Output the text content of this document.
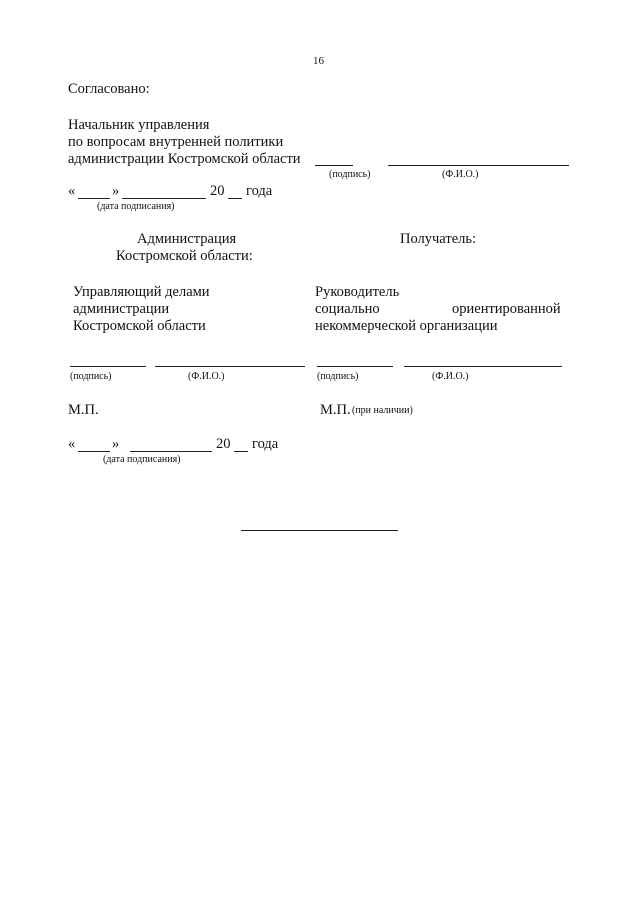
16
Согласовано:
Начальник управления
по вопросам внутренней политики
администрации Костромской области
(подпись)	(Ф.И.О.)
«	»	20 года
(дата подписания)
Администрация
Костромской области:
Получатель:
Управляющий делами
администрации
Костромской области
Руководитель
социально	ориентированной
некоммерческой организации
(подпись)	(Ф.И.О.)	(подпись)	(Ф.И.О.)
М.П.	М.П. (при наличии)
«	»	20 года
(дата подписания)
